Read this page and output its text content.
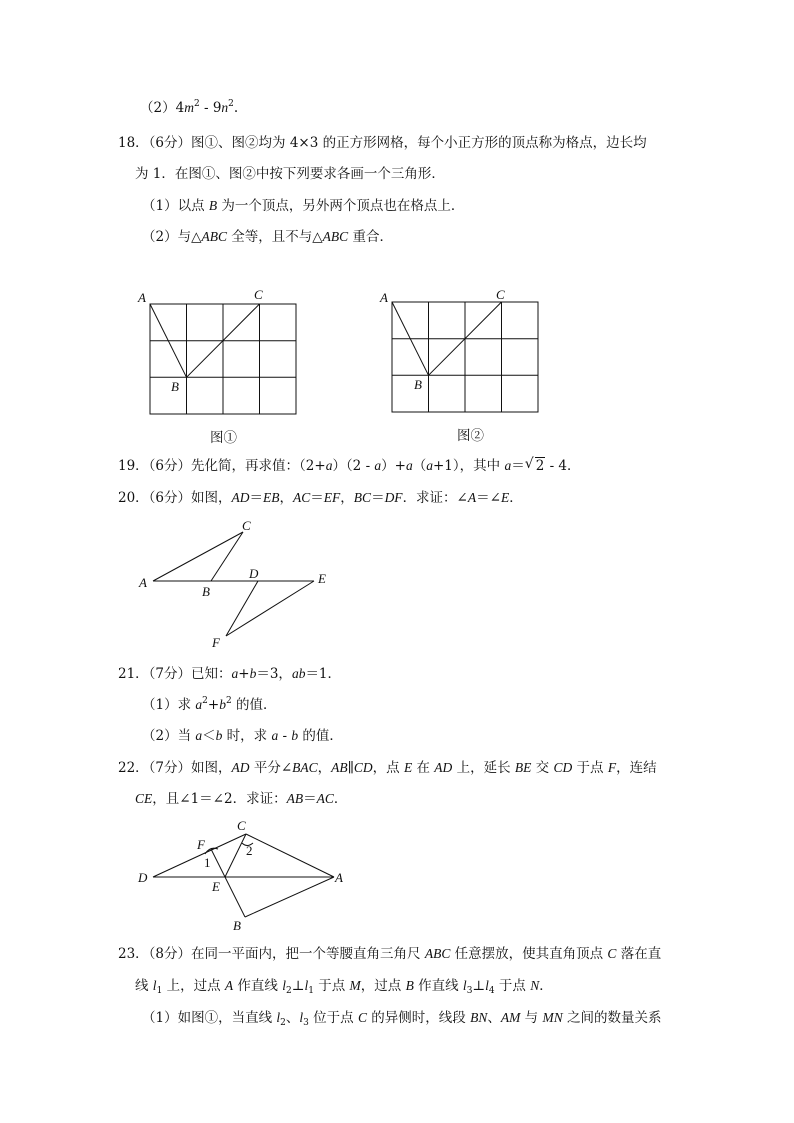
$(2)4m^2 - 9n^2$.
18．（6分）图①、图②均为 4×3 的正方形网格，每个小正方形的顶点称为格点，边长均
为 1．在图①、图②中按下列要求各画一个三角形．
（1）以点 B 为一个顶点，另外两个顶点也在格点上．
（2）与△ABC 全等，且不与△ABC 重合．
A	C
B
图①
A	C
B
图②
19．（6分）先化简，再求值：（2+a）（2 - a）+a（a+1），其中 a＝ √ 2 - 4．
20．（6分）如图，AD＝EB，AC＝EF，BC＝DF．求证：∠A＝∠E．
A
C
B
D	E
F
21．（7分）已知：a+b＝3，ab＝1．
（1）求 $a^2+b^2$ 的值．
（2）当 a＜b 时，求 a - b 的值．
22．（7分）如图，AD 平分∠BAC，AB∥CD，点 E 在 AD 上，延长 BE 交 CD 于点 F，连结
CE，且∠1＝∠2．求证：AB＝AC．
D
F
1
C
2
E
A
B
23．（8分）在同一平面内，把一个等腰直角三角尺 ABC 任意摆放，使其直角顶点 C 落在直
线 $l_1$ 上，过点 A 作直线 $l_2\perp l_1$ 于点 M，过点 B 作直线 $l_3\perp l_4$ 于点 N．
（1）如图①，当直线 $l_2$、$l_3$ 位于点 C 的异侧时，线段 BN、AM 与 MN 之间的数量关系
